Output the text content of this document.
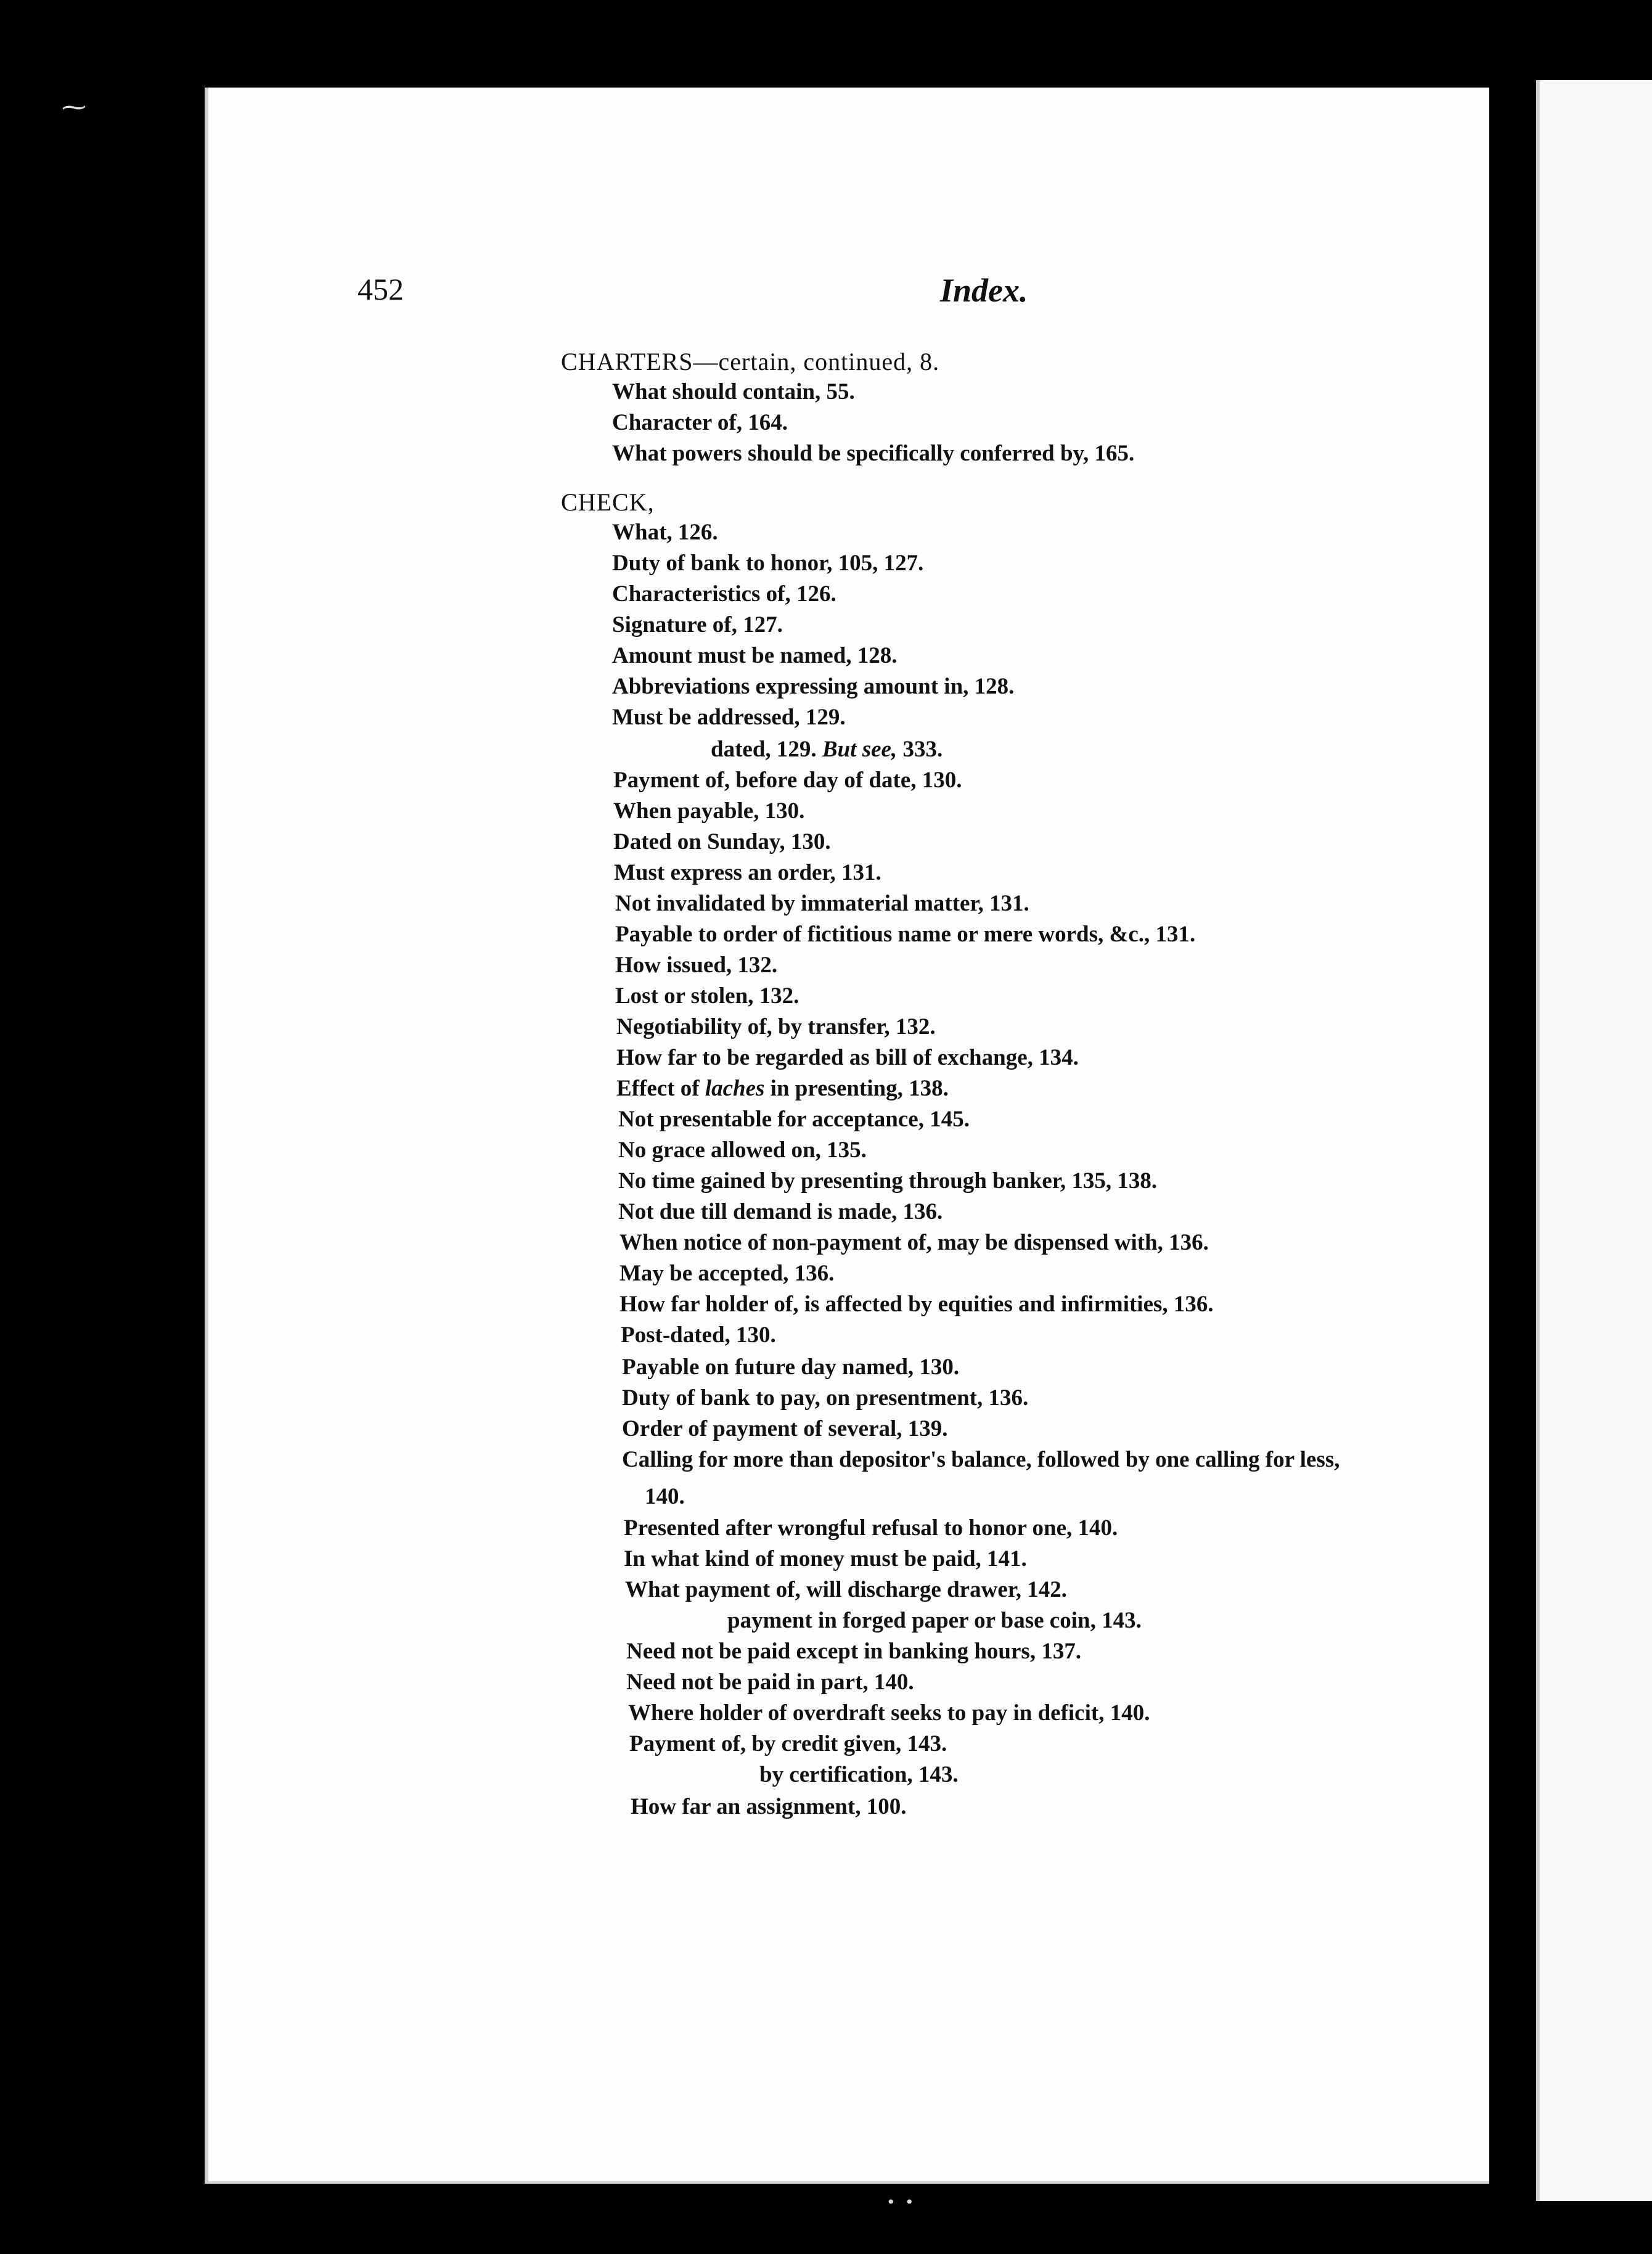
⁓
• •
452	Index.
CHARTERS—certain, continued, 8.
What should contain, 55.
Character of, 164.
What powers should be specifically conferred by, 165.
CHECK,
What, 126.
Duty of bank to honor, 105, 127.
Characteristics of, 126.
Signature of, 127.
Amount must be named, 128.
Abbreviations expressing amount in, 128.
Must be addressed, 129.
dated, 129. But see, 333.
Payment of, before day of date, 130.
When payable, 130.
Dated on Sunday, 130.
Must express an order, 131.
Not invalidated by immaterial matter, 131.
Payable to order of fictitious name or mere words, &c., 131.
How issued, 132.
Lost or stolen, 132.
Negotiability of, by transfer, 132.
How far to be regarded as bill of exchange, 134.
Effect of laches in presenting, 138.
Not presentable for acceptance, 145.
No grace allowed on, 135.
No time gained by presenting through banker, 135, 138.
Not due till demand is made, 136.
When notice of non-payment of, may be dispensed with, 136.
May be accepted, 136.
How far holder of, is affected by equities and infirmities, 136.
Post-dated, 130.
Payable on future day named, 130.
Duty of bank to pay, on presentment, 136.
Order of payment of several, 139.
Calling for more than depositor's balance, followed by one calling for less,
140.
Presented after wrongful refusal to honor one, 140.
In what kind of money must be paid, 141.
What payment of, will discharge drawer, 142.
payment in forged paper or base coin, 143.
Need not be paid except in banking hours, 137.
Need not be paid in part, 140.
Where holder of overdraft seeks to pay in deficit, 140.
Payment of, by credit given, 143.
by certification, 143.
How far an assignment, 100.
